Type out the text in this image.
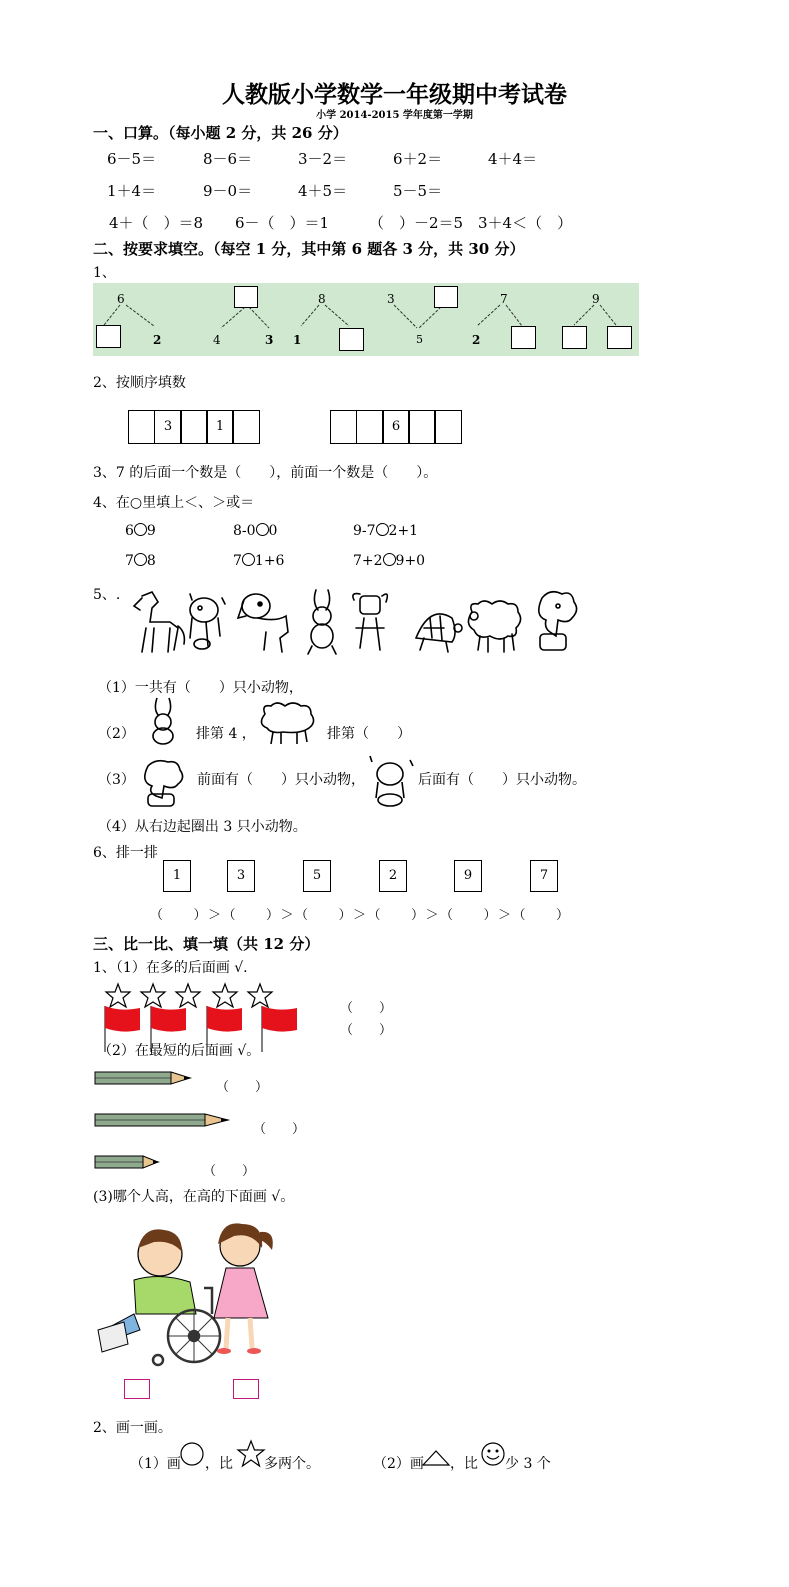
人教版小学数学一年级期中考试卷
小学 2014-2015 学年度第一学期
一、口算。（每小题 2 分，共 26 分）
6－5＝	8－6＝	3－2＝	6＋2＝	4＋4＝
1＋4＝	9－0＝	4＋5＝	5－5＝
4＋（　）＝8 6－（　）＝1	（　）－2＝5 3＋4＜（　）
二、按要求填空。（每空 1 分，其中第 6 题各 3 分，共 30 分）
1、
6
2	4	3
8
1
3
5
7
2
9
2、按顺序填数
3	1	6
3、7 的后面一个数是（　　），前面一个数是（　　）。
4、在○里填上＜、＞或＝
6 9	8-0 0	9-7 2+1
7 8	7 1+6	7+2 9+0
5、.
（1）一共有（　　）只小动物，
（2）	排第 4 ，	排第（　　）
（3）	前面有（　　）只小动物，	后面有（　　）只小动物。
（4）从右边起圈出 3 只小动物。
6、排一排
1	3	5	2	9	7
（　　）＞（　　）＞（　　）＞（　　）＞（　　）＞（　　）
三、比一比、填一填（共 12 分）
1、（1）在多的后面画 √.
（　　）
（　　）
（2）在最短的后面画 √。
（　　）
（　　）
（　　）
(3)哪个人高，在高的下面画 √。
2、画一画。
（1）画 ，比 多两个。	（2）画 ，比 少 3 个
